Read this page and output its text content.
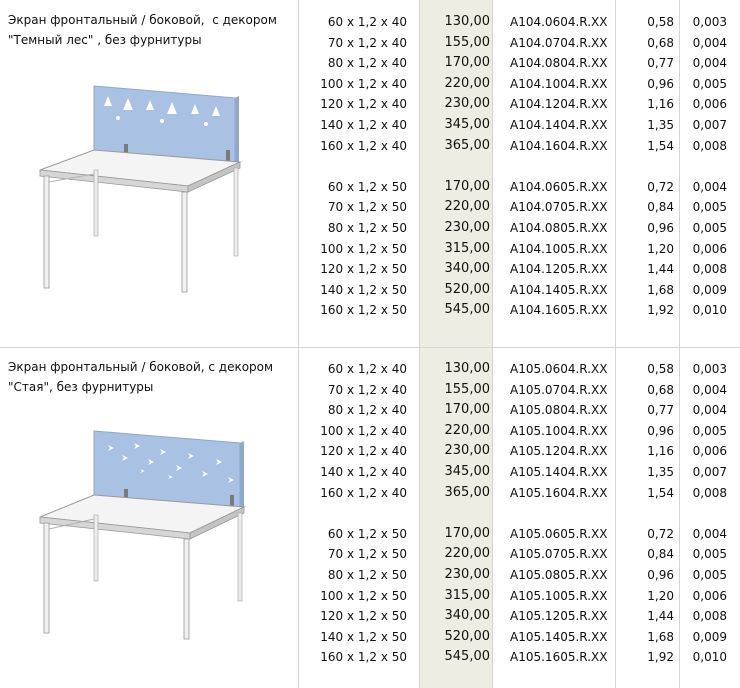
Экран фронтальный / боковой,  с декором
"Темный лес" , без фурнитуры
60 x 1,2 x 40	130,00 A104.0604.R.XX	0,58	0,003
70 x 1,2 x 40	155,00 A104.0704.R.XX	0,68	0,004
80 x 1,2 x 40	170,00 A104.0804.R.XX	0,77	0,004
100 x 1,2 x 40	220,00 A104.1004.R.XX	0,96	0,005
120 x 1,2 x 40	230,00 A104.1204.R.XX	1,16	0,006
140 x 1,2 x 40	345,00 A104.1404.R.XX	1,35	0,007
160 x 1,2 x 40	365,00 A104.1604.R.XX	1,54	0,008
60 x 1,2 x 50	170,00 A104.0605.R.XX	0,72	0,004
70 x 1,2 x 50	220,00 A104.0705.R.XX	0,84	0,005
80 x 1,2 x 50	230,00 A104.0805.R.XX	0,96	0,005
100 x 1,2 x 50	315,00 A104.1005.R.XX	1,20	0,006
120 x 1,2 x 50	340,00 A104.1205.R.XX	1,44	0,008
140 x 1,2 x 50	520,00 A104.1405.R.XX	1,68	0,009
160 x 1,2 x 50	545,00 A104.1605.R.XX	1,92	0,010
Экран фронтальный / боковой, с декором
"Стая", без фурнитуры
60 x 1,2 x 40	130,00 A105.0604.R.XX	0,58	0,003
70 x 1,2 x 40	155,00 A105.0704.R.XX	0,68	0,004
80 x 1,2 x 40	170,00 A105.0804.R.XX	0,77	0,004
100 x 1,2 x 40	220,00 A105.1004.R.XX	0,96	0,005
120 x 1,2 x 40	230,00 A105.1204.R.XX	1,16	0,006
140 x 1,2 x 40	345,00 A105.1404.R.XX	1,35	0,007
160 x 1,2 x 40	365,00 A105.1604.R.XX	1,54	0,008
60 x 1,2 x 50	170,00 A105.0605.R.XX	0,72	0,004
70 x 1,2 x 50	220,00 A105.0705.R.XX	0,84	0,005
80 x 1,2 x 50	230,00 A105.0805.R.XX	0,96	0,005
100 x 1,2 x 50	315,00 A105.1005.R.XX	1,20	0,006
120 x 1,2 x 50	340,00 A105.1205.R.XX	1,44	0,008
140 x 1,2 x 50	520,00 A105.1405.R.XX	1,68	0,009
160 x 1,2 x 50	545,00 A105.1605.R.XX	1,92	0,010
